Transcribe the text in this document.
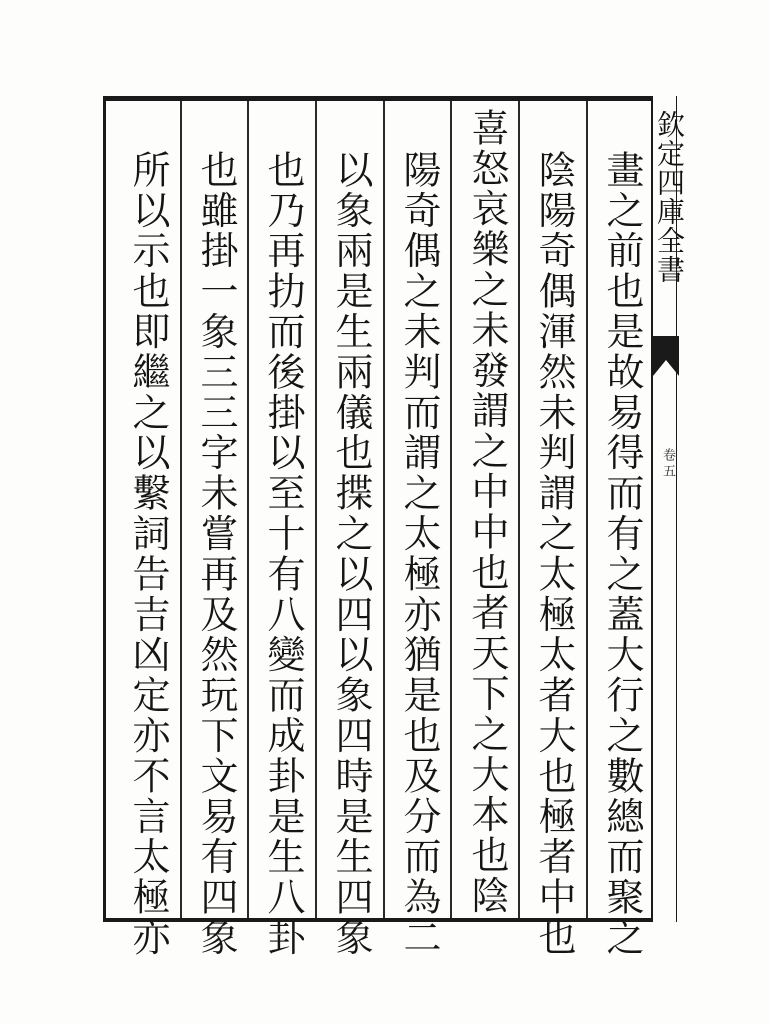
畫之前也是故易得而有之蓋大行之數總而聚之
陰陽奇偶渾然未判謂之太極太者大也極者中也
喜怒哀樂之未發謂之中中也者天下之大本也陰
陽奇偶之未判而謂之太極亦猶是也及分而為二
以象兩是生兩儀也揲之以四以象四時是生四象
也乃再扐而後掛以至十有八變而成卦是生八卦
也雖掛一象三三字未嘗再及然玩下文易有四象
所以示也即繼之以繫詞告吉凶定亦不言太極亦	欽定四庫全書
卷五
